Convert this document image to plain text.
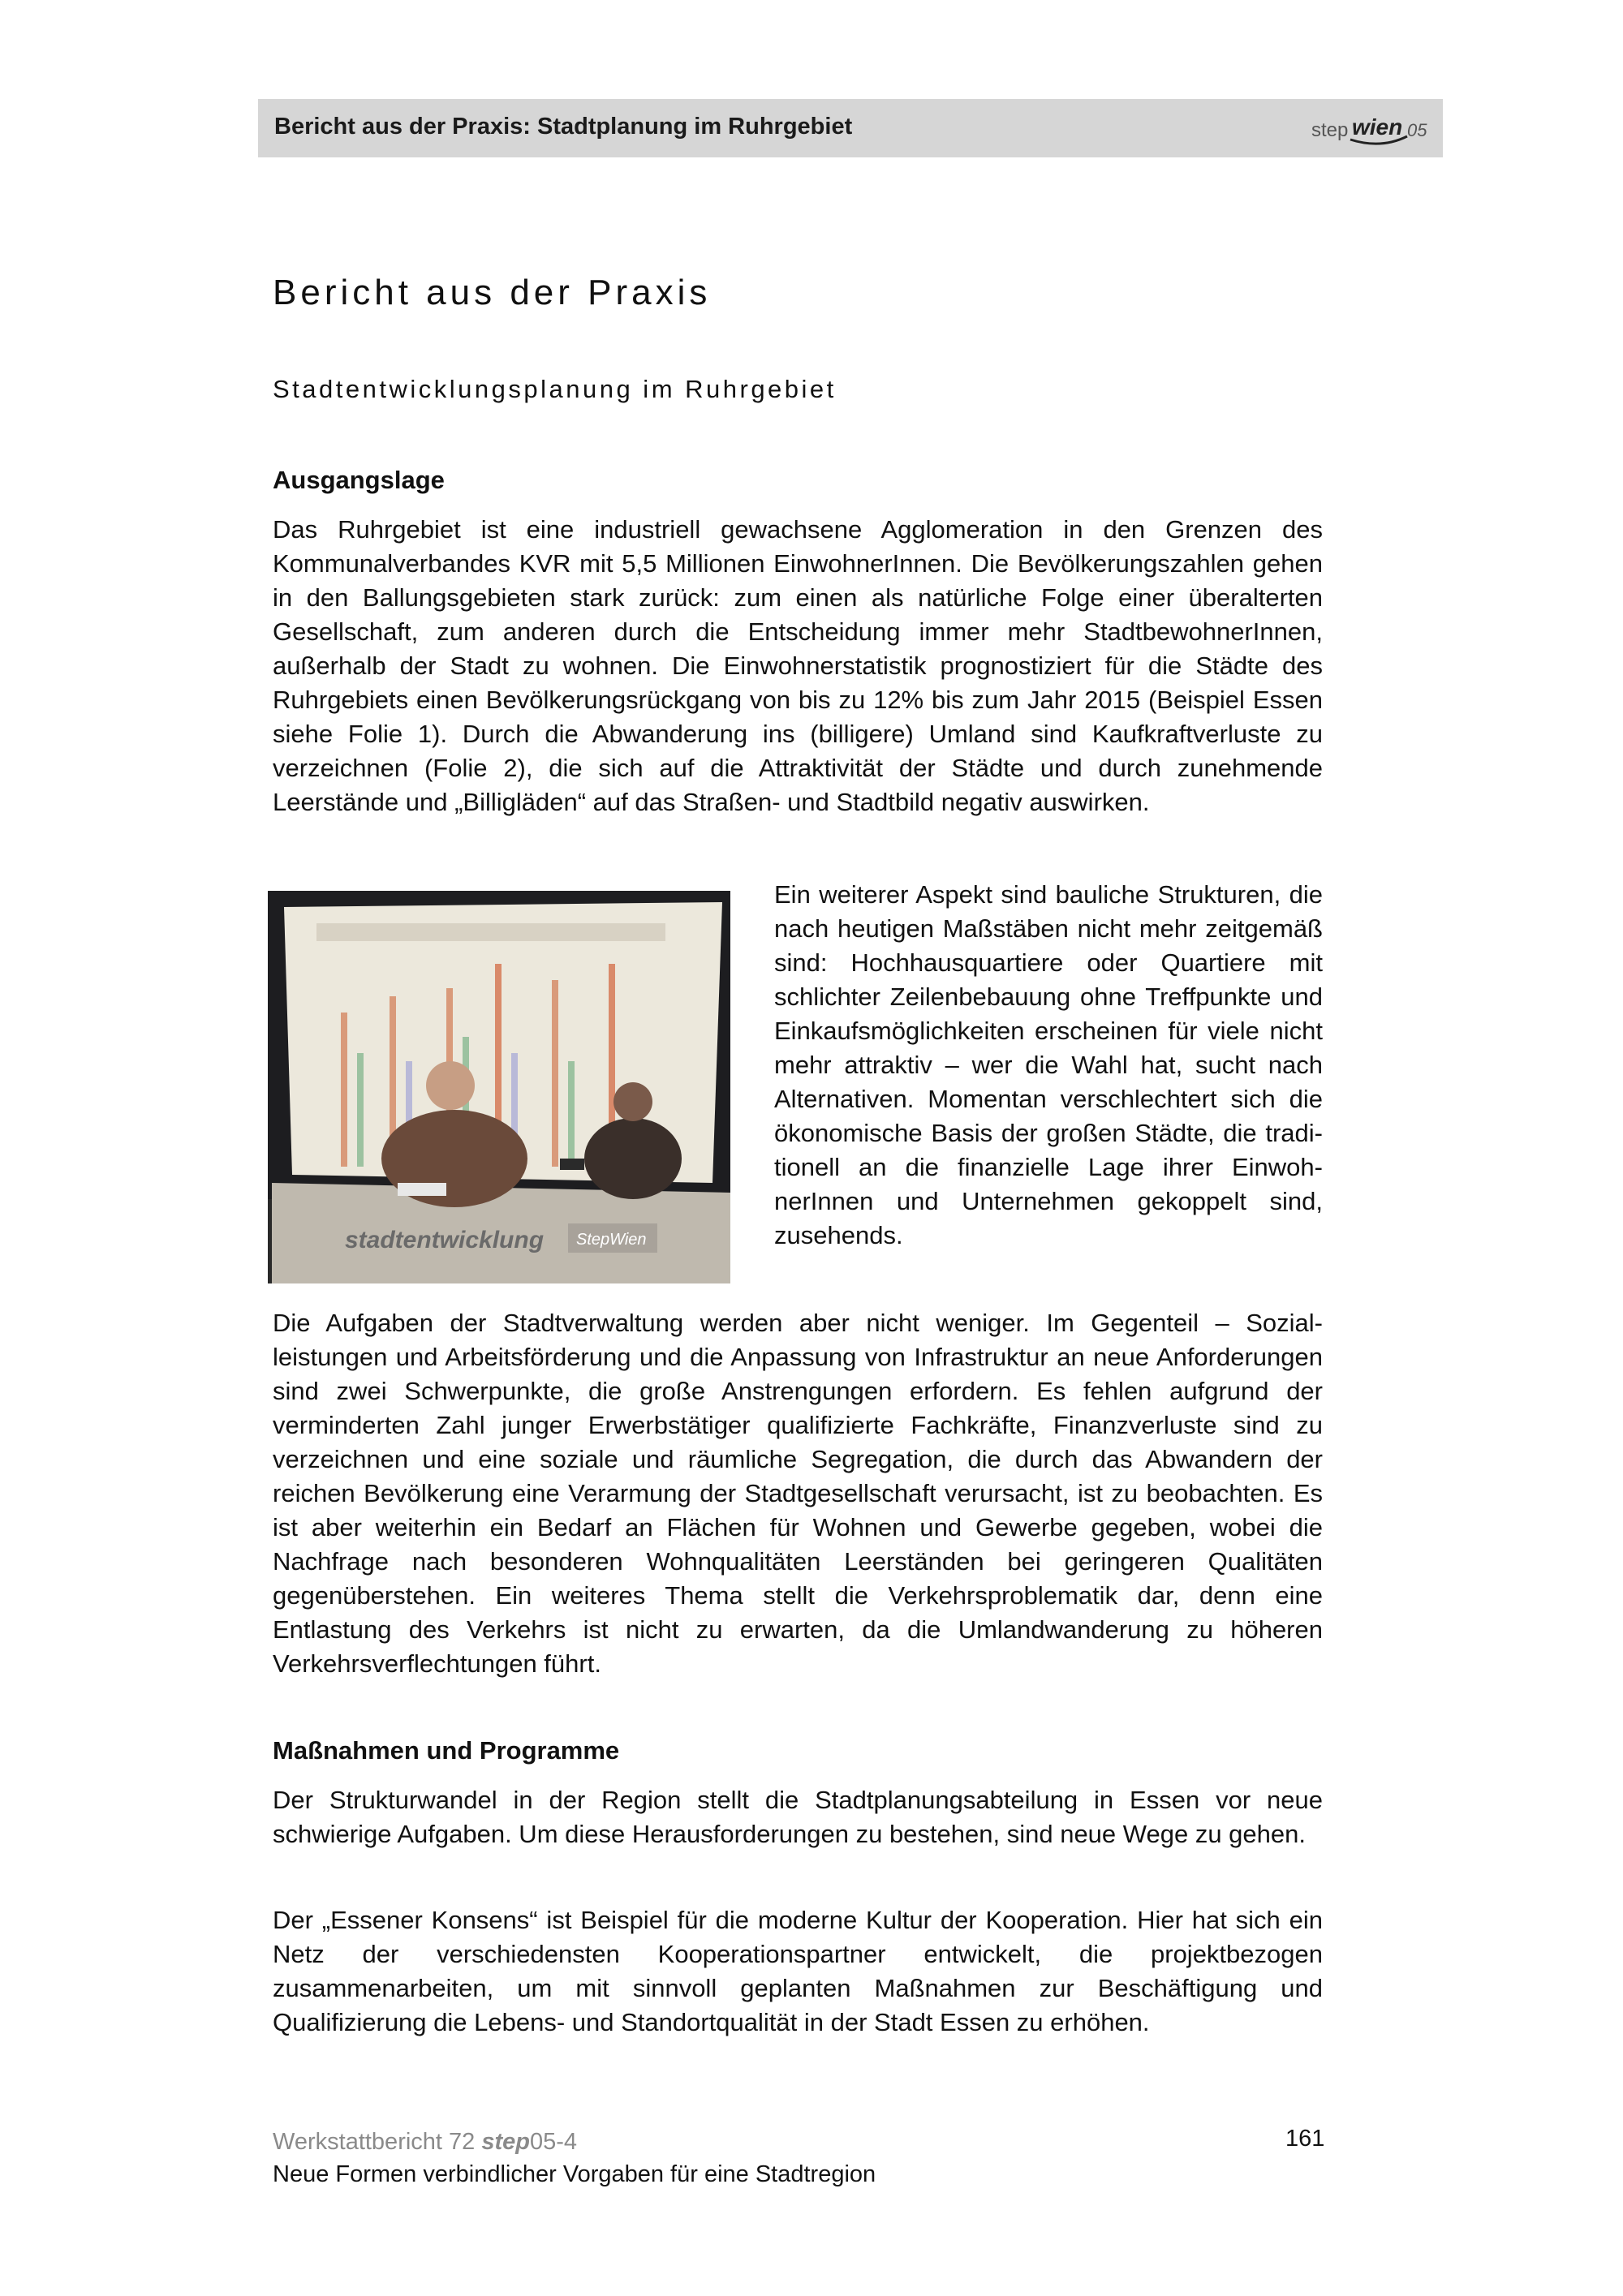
Bericht aus der Praxis: Stadtplanung im Ruhrgebiet	step wien 05
Bericht aus der Praxis
Stadtentwicklungsplanung im Ruhrgebiet
Ausgangslage
Das Ruhrgebiet ist eine industriell gewachsene Agglomeration in den Grenzen des Kommunalverbandes KVR mit 5,5 Millionen EinwohnerInnen. Die Bevölkerungszahlen gehen in den Ballungsgebieten stark zurück: zum einen als natürliche Folge einer überalterten Gesellschaft, zum anderen durch die Entscheidung immer mehr StadtbewohnerInnen, außerhalb der Stadt zu wohnen. Die Einwohnerstatistik prognostiziert für die Städte des Ruhrgebiets einen Bevölkerungsrückgang von bis zu 12% bis zum Jahr 2015 (Beispiel Essen siehe Folie 1). Durch die Abwanderung ins (billigere) Umland sind Kaufkraftverluste zu verzeichnen (Folie 2), die sich auf die Attraktivität der Städte und durch zunehmende Leerstände und „Billigläden“ auf das Straßen- und Stadtbild negativ auswirken.
stadtentwicklung StepWien
Ein weiterer Aspekt sind bauliche Strukturen, die nach heutigen Maßstäben nicht mehr zeitgemäß sind: Hochhausquartiere oder Quartiere mit schlichter Zeilenbebauung ohne Treffpunkte und Einkaufsmöglichkeiten erscheinen für viele nicht mehr attraktiv – wer die Wahl hat, sucht nach Alternativen. Momentan verschlechtert sich die ökonomische Basis der großen Städte, die traditionell an die finanzielle Lage ihrer EinwohnerInnen und Unternehmen gekoppelt sind, zusehends.
Die Aufgaben der Stadtverwaltung werden aber nicht weniger. Im Gegenteil – Sozialleistungen und Arbeitsförderung und die Anpassung von Infrastruktur an neue Anforderungen sind zwei Schwerpunkte, die große Anstrengungen erfordern. Es fehlen aufgrund der verminderten Zahl junger Erwerbstätiger qualifizierte Fachkräfte, Finanzverluste sind zu verzeichnen und eine soziale und räumliche Segregation, die durch das Abwandern der reichen Bevölkerung eine Verarmung der Stadtgesellschaft verursacht, ist zu beobachten. Es ist aber weiterhin ein Bedarf an Flächen für Wohnen und Gewerbe gegeben, wobei die Nachfrage nach besonderen Wohnqualitäten Leerständen bei geringeren Qualitäten gegenüberstehen. Ein weiteres Thema stellt die Verkehrsproblematik dar, denn eine Entlastung des Verkehrs ist nicht zu erwarten, da die Umlandwanderung zu höheren Verkehrsverflechtungen führt.
Maßnahmen und Programme
Der Strukturwandel in der Region stellt die Stadtplanungsabteilung in Essen vor neue schwierige Aufgaben. Um diese Herausforderungen zu bestehen, sind neue Wege zu gehen.
Der „Essener Konsens“ ist Beispiel für die moderne Kultur der Kooperation. Hier hat sich ein Netz der verschiedensten Kooperationspartner entwickelt, die projektbezogen zusammenarbeiten, um mit sinnvoll geplanten Maßnahmen zur Beschäftigung und Qualifizierung die Lebens- und Standortqualität in der Stadt Essen zu erhöhen.
Werkstattbericht 72 step05-4
Neue Formen verbindlicher Vorgaben für eine Stadtregion
161
